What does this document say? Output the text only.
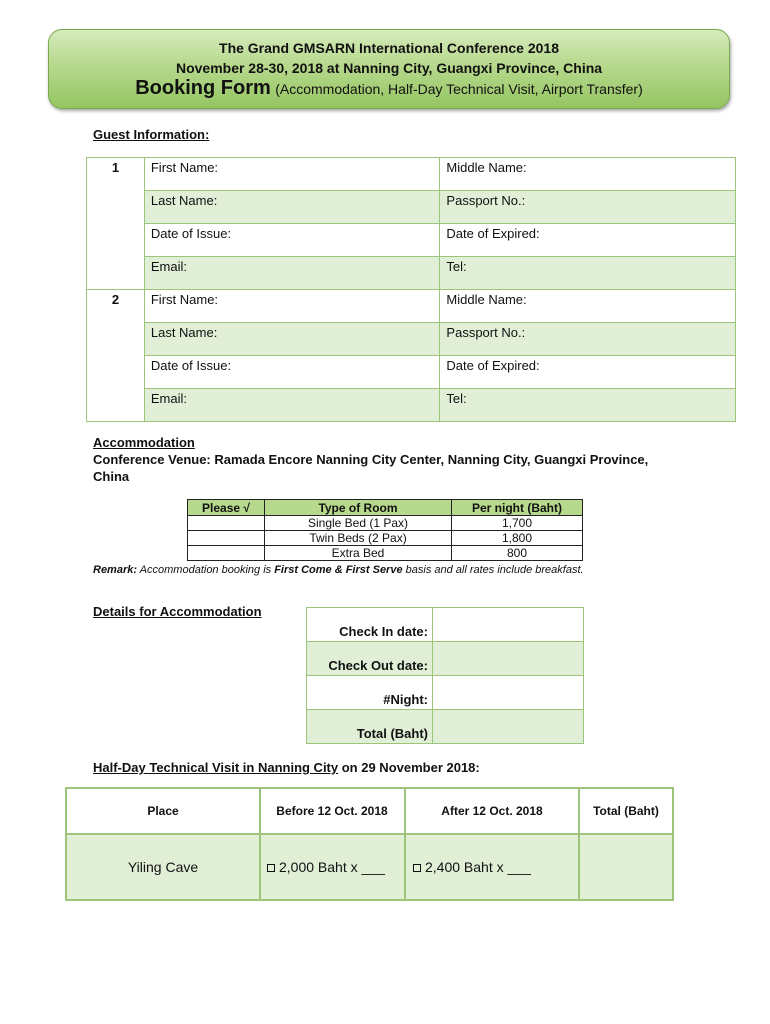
The Grand GMSARN International Conference 2018
November 28-30, 2018 at Nanning City, Guangxi Province, China
Booking Form (Accommodation, Half-Day Technical Visit, Airport Transfer)
Guest Information:
1	First Name:	Middle Name:
	Last Name:	Passport No.:
	Date of Issue:	Date of Expired:
	Email:	Tel:
2	First Name:	Middle Name:
	Last Name:	Passport No.:
	Date of Issue:	Date of Expired:
	Email:	Tel:
Accommodation
Conference Venue: Ramada Encore Nanning City Center, Nanning City, Guangxi Province, China
Please √	Type of Room	Per night (Baht)
	Single Bed (1 Pax)	1,700
	Twin Beds (2 Pax)	1,800
	Extra Bed	800
Remark: Accommodation booking is First Come & First Serve basis and all rates include breakfast.
Details for Accommodation
Check In date:	
Check Out date:	
#Night:	
Total (Baht)	
Half-Day Technical Visit in Nanning City on 29 November 2018:
Place	Before 12 Oct. 2018	After 12 Oct. 2018	Total (Baht)
Yiling Cave	2,000 Baht x ___	2,400 Baht x ___	
